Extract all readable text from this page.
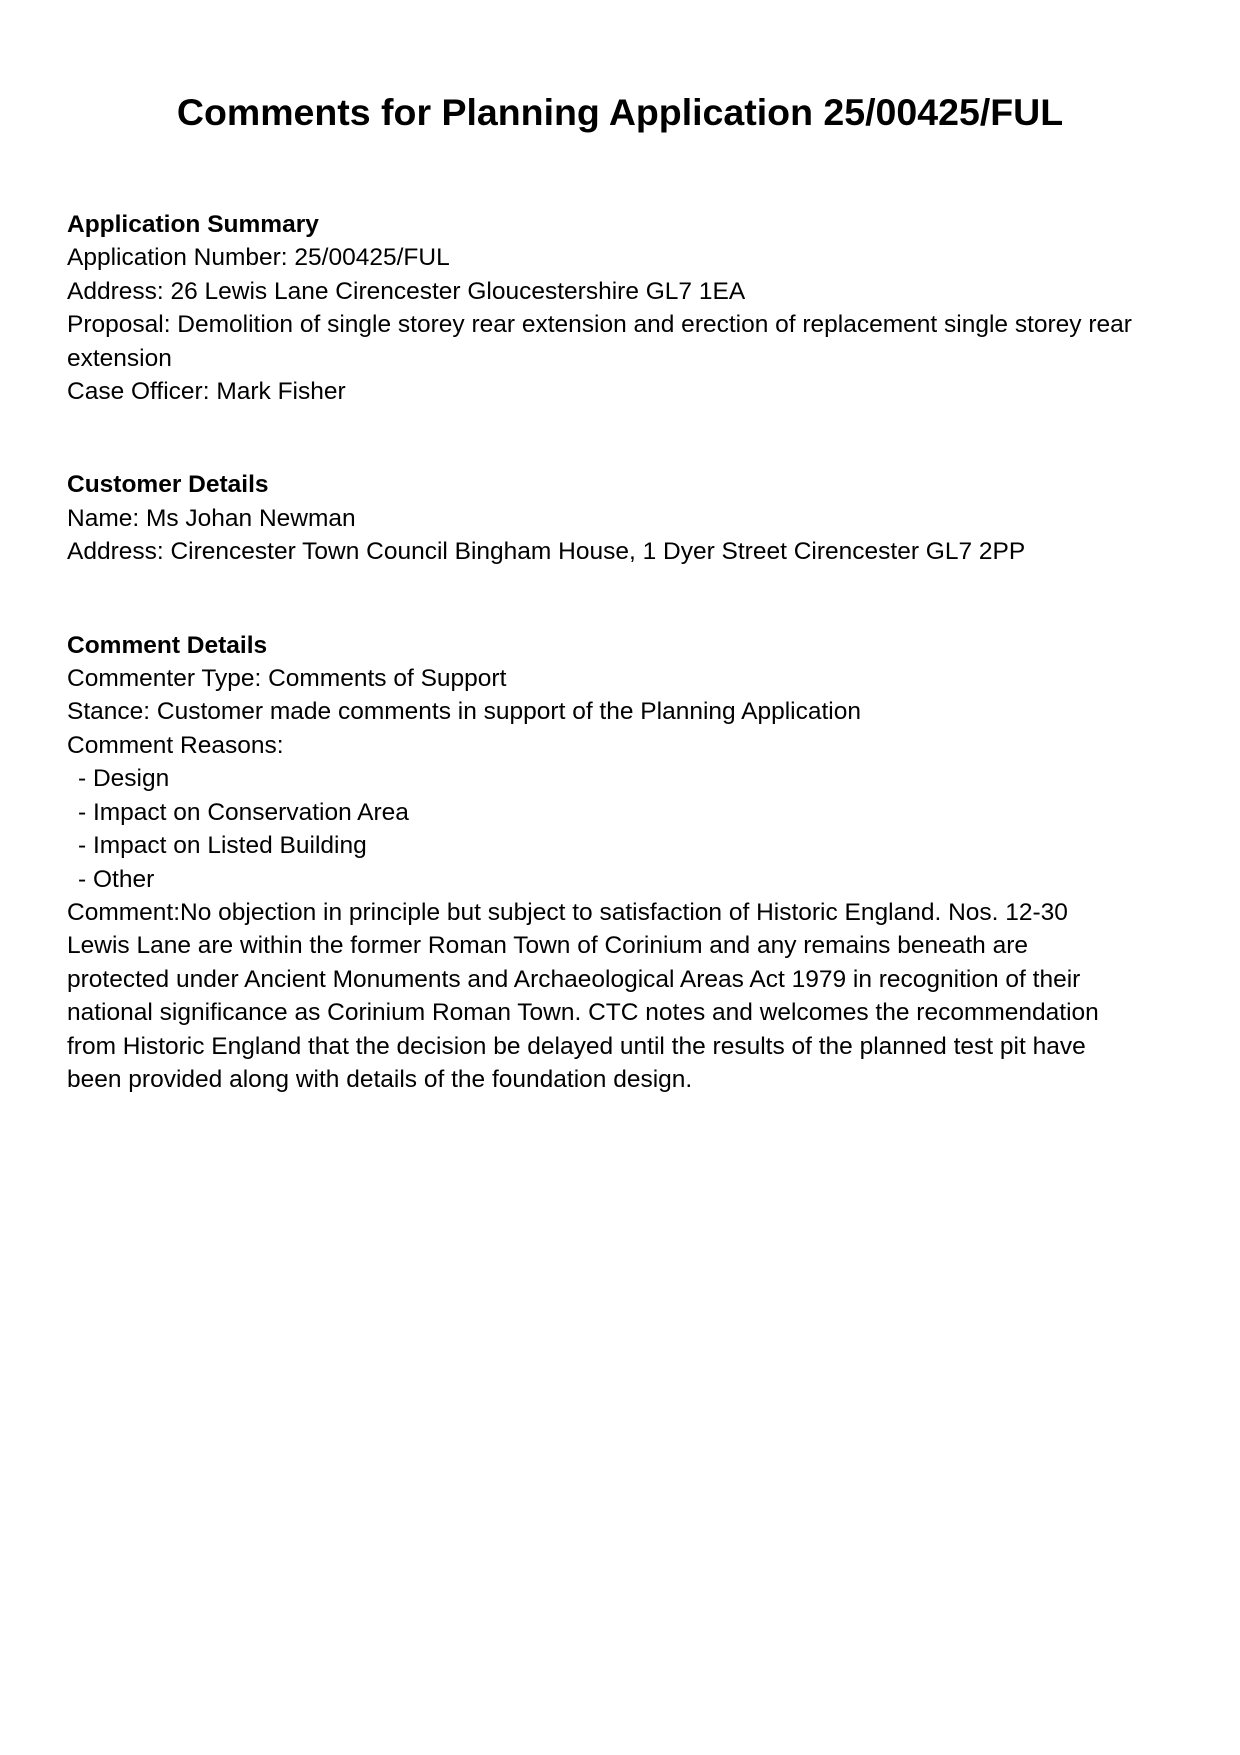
Comments for Planning Application 25/00425/FUL
Application Summary

Application Number: 25/00425/FUL

Address: 26 Lewis Lane Cirencester Gloucestershire GL7 1EA

Proposal: Demolition of single storey rear extension and erection of replacement single storey rear extension

Case Officer: Mark Fisher

Customer Details

Name: Ms Johan Newman

Address: Cirencester Town Council Bingham House, 1 Dyer Street Cirencester GL7 2PP

Comment Details

Commenter Type: Comments of Support

Stance: Customer made comments in support of the Planning Application

Comment Reasons:

- Design

- Impact on Conservation Area

- Impact on Listed Building

- Other

Comment:No objection in principle but subject to satisfaction of Historic England. Nos. 12-30 Lewis Lane are within the former Roman Town of Corinium and any remains beneath are protected under Ancient Monuments and Archaeological Areas Act 1979 in recognition of their national significance as Corinium Roman Town. CTC notes and welcomes the recommendation from Historic England that the decision be delayed until the results of the planned test pit have been provided along with details of the foundation design.
